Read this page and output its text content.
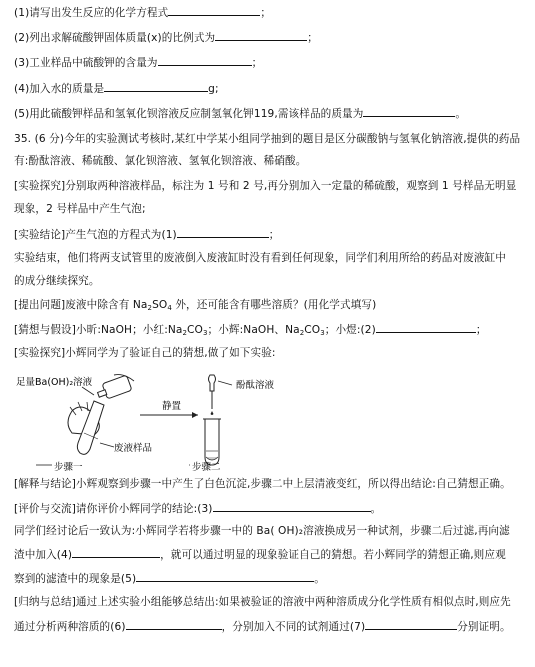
(1)请写出发生反应的化学方程式	；
(2)列出求解硫酸钾固体质量(x)的比例式为	；
(3)工业样品中硫酸钾的含量为	；
(4)加入水的质量是	g;
(5)用此硫酸钾样品和氢氧化钡溶液反应制氢氧化钾119,需该样品的质量为	。
35. (6 分)今年的实验测试考核时,某红中学某小组同学抽到的题目是区分碳酸钠与氢氧化钠溶液,提供的药品
有:酚酞溶液、稀硫酸、氯化钡溶液、氢氧化钡溶液、稀硝酸。
[实验探究]分别取两种溶液样品，标注为 1 号和 2 号,再分别加入一定量的稀硫酸，观察到 1 号样品无明显
现象，2 号样品中产生气泡;
[实验结论]产生气泡的方程式为(1)	；
实验结束，他们将两支试管里的废液倒入废液缸时没有看到任何现象，同学们利用所给的药品对废液缸中
的成分继续探究。
[提出问题]废液中除含有 $Na_2SO_4$ 外，还可能含有哪些溶质？(用化学式填写)
[猜想与假设]小昕:NaOH；小红$:Na_2CO_3$；小辉:NaOH、$Na_2CO_3$；小煜:(2)	；
[实验探究]小辉同学为了验证自己的猜想,做了如下实验:
足量Ba(OH)₂溶液
废液样品
步骤一
静置
酚酞溶液
步骤二
[解释与结论]小辉观察到步骤一中产生了白色沉淀,步骤二中上层清液变红，所以得出结论:自己猜想正确。
[评价与交流]请你评价小辉同学的结论:(3)	。
同学们经讨论后一致认为:小辉同学若将步骤一中的 Ba( OH)₂溶液换成另一种试剂，步骤二后过滤,再向滤
渣中加入(4)	，就可以通过明显的现象验证自己的猜想。若小辉同学的猜想正确,则应观
察到的滤渣中的现象是(5)	。
[归纳与总结]通过上述实验小组能够总结出:如果被验证的溶液中两种溶质成分化学性质有相似点时,则应先
通过分析两种溶质的(6)	，分别加入不同的试剂通过(7)	分别证明。
